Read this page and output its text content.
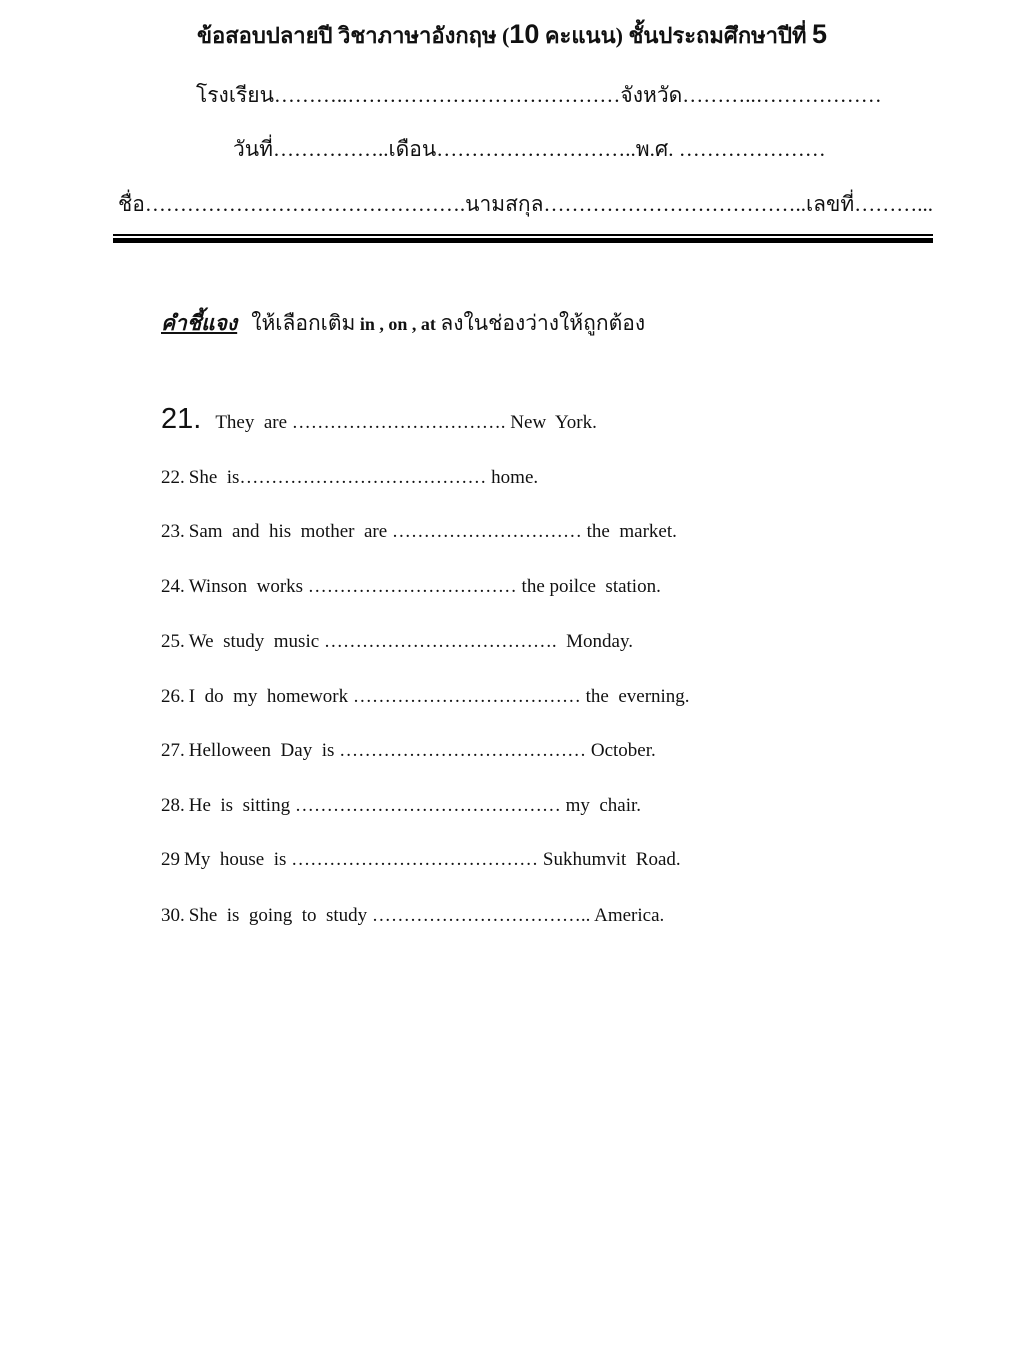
ข้อสอบปลายปี วิชาภาษาอังกฤษ (10 คะแนน) ชั้นประถมศึกษาปีที่ 5
โรงเรียน………..…………………………………จังหวัด………..………………
วันที่……………..เดือน………………………..พ.ศ. …………………
ชื่อ……………………………………….นามสกุล………………………………..เลขที่………...
คำชี้แจง ให้เลือกเติม in , on , at ลงในช่องว่างให้ถูกต้อง
21. They  are ……………………………. New  York.
22. She  is………………………………… home.
23. Sam  and  his  mother  are ………………………… the  market.
24. Winson  works …………………………… the poilce  station.
25. We  study  music ……………………………….  Monday.
26. I  do  my  homework ……………………………… the  everning.
27. Helloween  Day  is ………………………………… October.
28. He  is  sitting …………………………………… my  chair.
29 My  house  is ………………………………… Sukhumvit  Road.
30. She  is  going  to  study …………………………….. America.
